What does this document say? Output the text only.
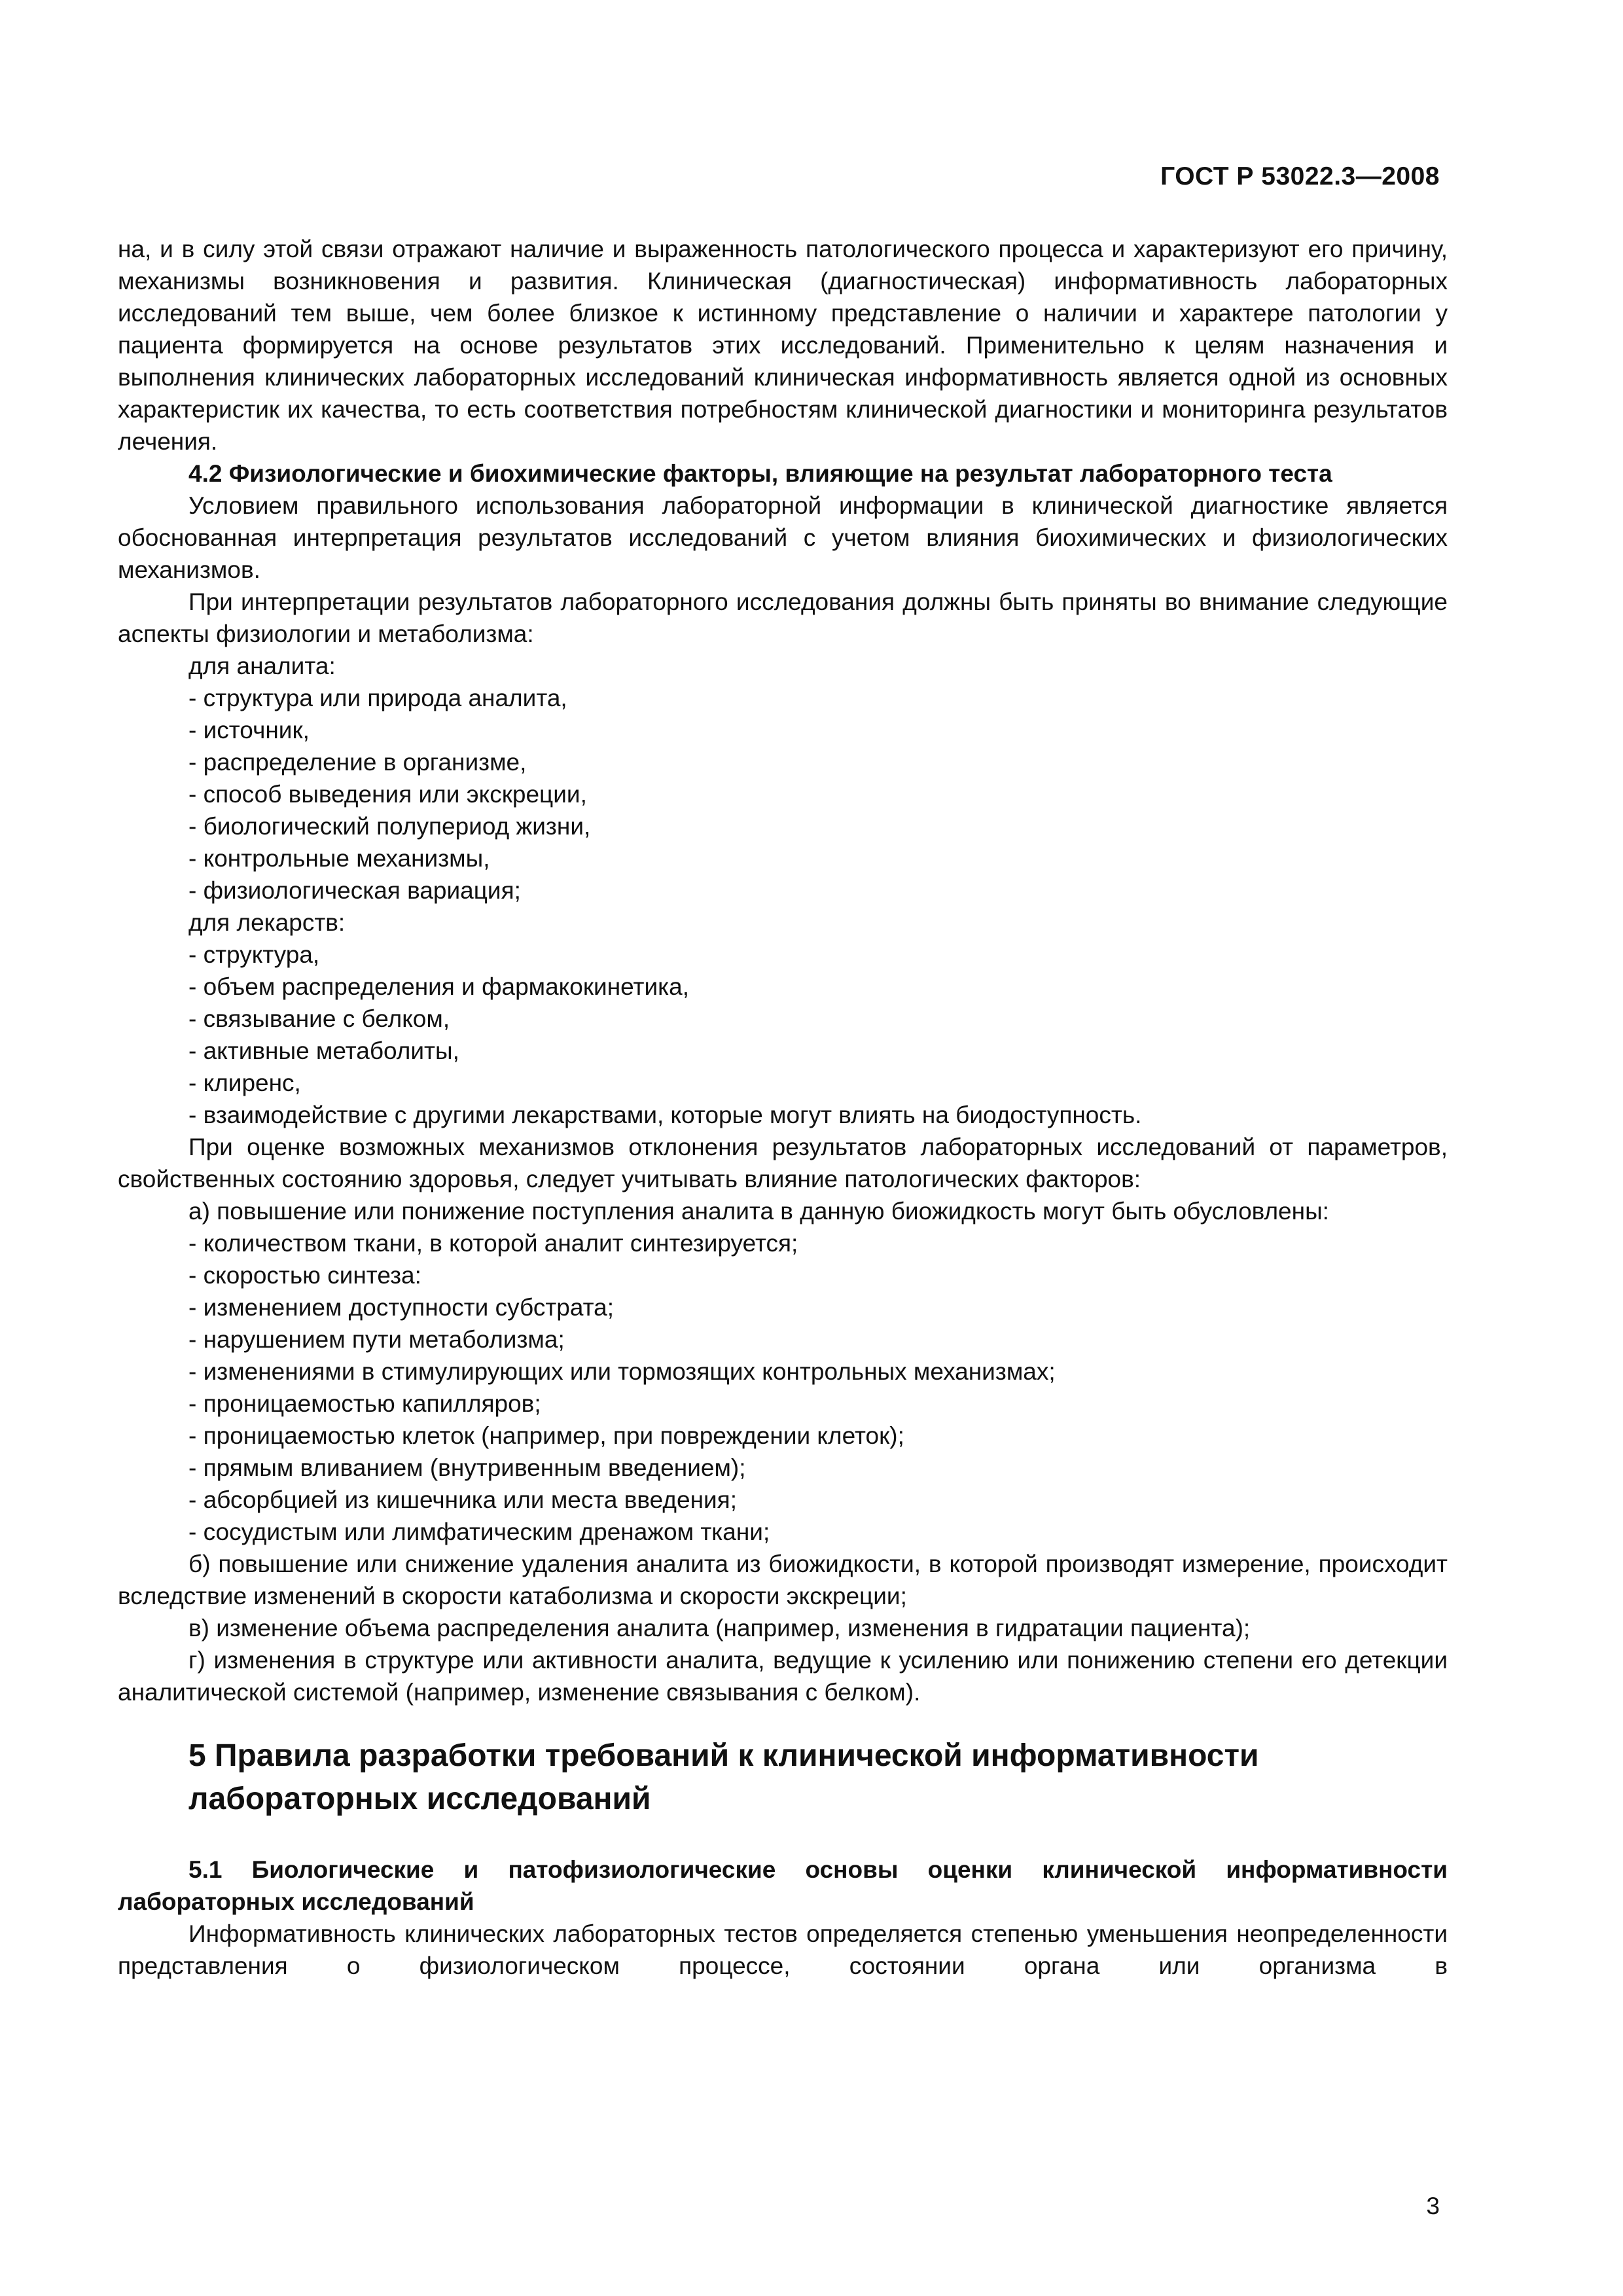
ГОСТ Р 53022.3—2008

на, и в силу этой связи отражают наличие и выраженность патологического процесса и характеризуют его причину, механизмы возникновения и развития. Клиническая (диагностическая) информативность лабораторных исследований тем выше, чем более близкое к истинному представление о наличии и характере патологии у пациента формируется на основе результатов этих исследований. Применительно к целям назначения и выполнения клинических лабораторных исследований клиническая информативность является одной из основных характеристик их качества, то есть соответствия потребностям клинической диагностики и мониторинга результатов лечения.

4.2 Физиологические и биохимические факторы, влияющие на результат лабораторного теста

Условием правильного использования лабораторной информации в клинической диагностике является обоснованная интерпретация результатов исследований с учетом влияния биохимических и физиологических механизмов.

При интерпретации результатов лабораторного исследования должны быть приняты во внимание следующие аспекты физиологии и метаболизма:

для аналита:

- структура или природа аналита,

- источник,

- распределение в организме,

- способ выведения или экскреции,

- биологический полупериод жизни,

- контрольные механизмы,

- физиологическая вариация;

для лекарств:

- структура,

- объем распределения и фармакокинетика,

- связывание с белком,

- активные метаболиты,

- клиренс,

- взаимодействие с другими лекарствами, которые могут влиять на биодоступность.

При оценке возможных механизмов отклонения результатов лабораторных исследований от параметров, свойственных состоянию здоровья, следует учитывать влияние патологических факторов:

а) повышение или понижение поступления аналита в данную биожидкость могут быть обусловлены:

- количеством ткани, в которой аналит синтезируется;

- скоростью синтеза:

- изменением доступности субстрата;

- нарушением пути метаболизма;

- изменениями в стимулирующих или тормозящих контрольных механизмах;

- проницаемостью капилляров;

- проницаемостью клеток (например, при повреждении клеток);

- прямым вливанием (внутривенным введением);

- абсорбцией из кишечника или места введения;

- сосудистым или лимфатическим дренажом ткани;

б) повышение или снижение удаления аналита из биожидкости, в которой производят измерение, происходит вследствие изменений в скорости катаболизма и скорости экскреции;

в) изменение объема распределения аналита (например, изменения в гидратации пациента);

г) изменения в структуре или активности аналита, ведущие к усилению или понижению степени его детекции аналитической системой (например, изменение связывания с белком).

5 Правила разработки требований к клинической информативности
лабораторных исследований

5.1 Биологические и патофизиологические основы оценки клинической информативности лабораторных исследований

Информативность клинических лабораторных тестов определяется степенью уменьшения неопределенности представления о физиологическом процессе, состоянии органа или организма в

3
